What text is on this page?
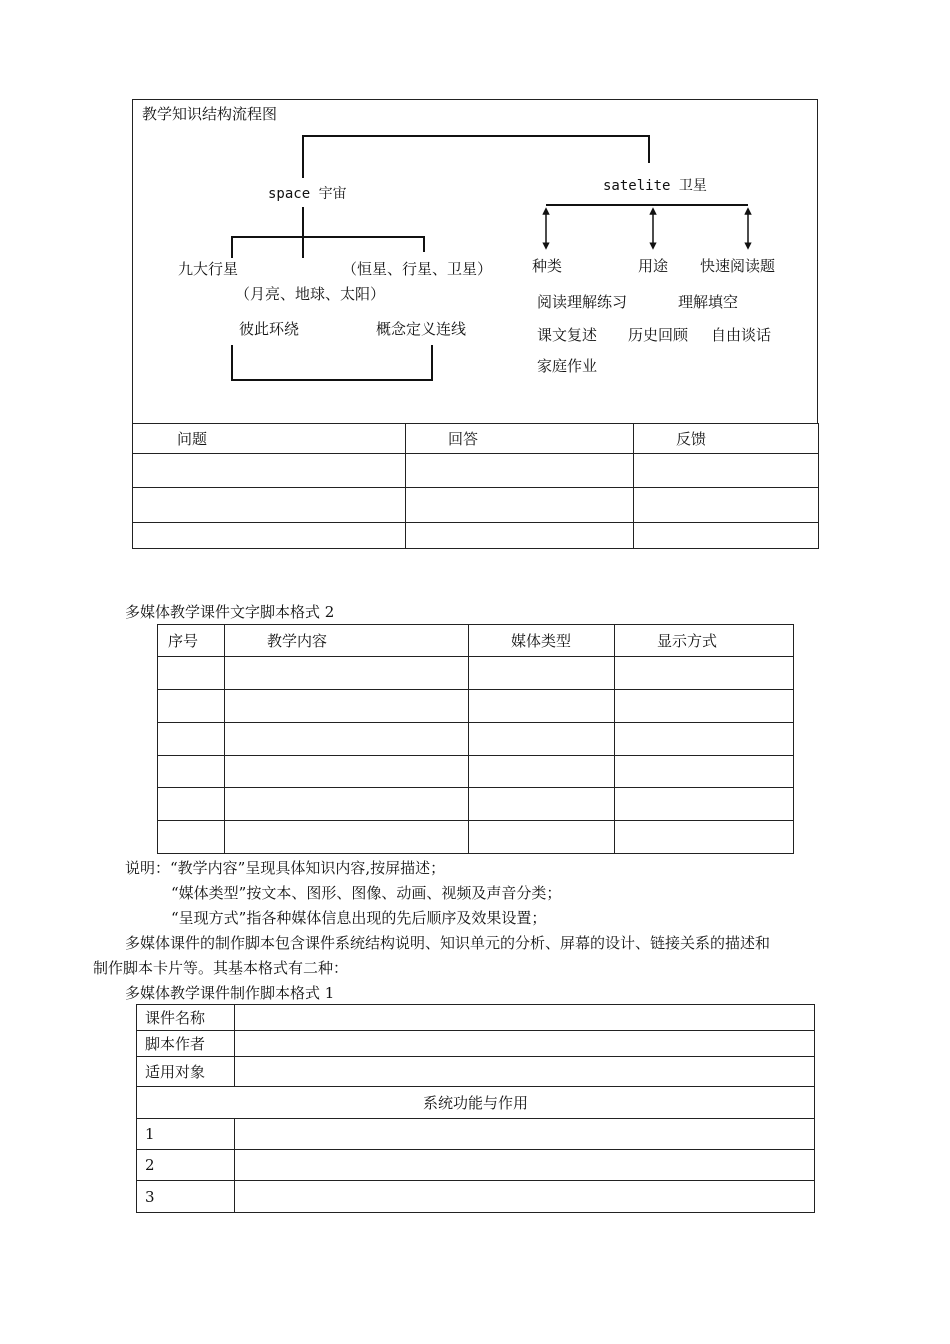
教学知识结构流程图
space 宇宙	satelite 卫星
九大行星	（恒星、行星、卫星）
（月亮、地球、太阳）
彼此环绕	概念定义连线
种类	用途 快速阅读题
阅读理解练习	理解填空
课文复述 历史回顾 自由谈话
家庭作业
问题	回答	反馈

多媒体教学课件文字脚本格式 2
序号	教学内容	媒体类型	显示方式

说明：“教学内容”呈现具体知识内容,按屏描述；
“媒体类型”按文本、图形、图像、动画、视频及声音分类；
“呈现方式”指各种媒体信息出现的先后顺序及效果设置；
多媒体课件的制作脚本包含课件系统结构说明、知识单元的分析、屏幕的设计、链接关系的描述和
制作脚本卡片等。其基本格式有二种：
多媒体教学课件制作脚本格式 1
课件名称	
脚本作者	
适用对象	
系统功能与作用	
1	
2	
3	
